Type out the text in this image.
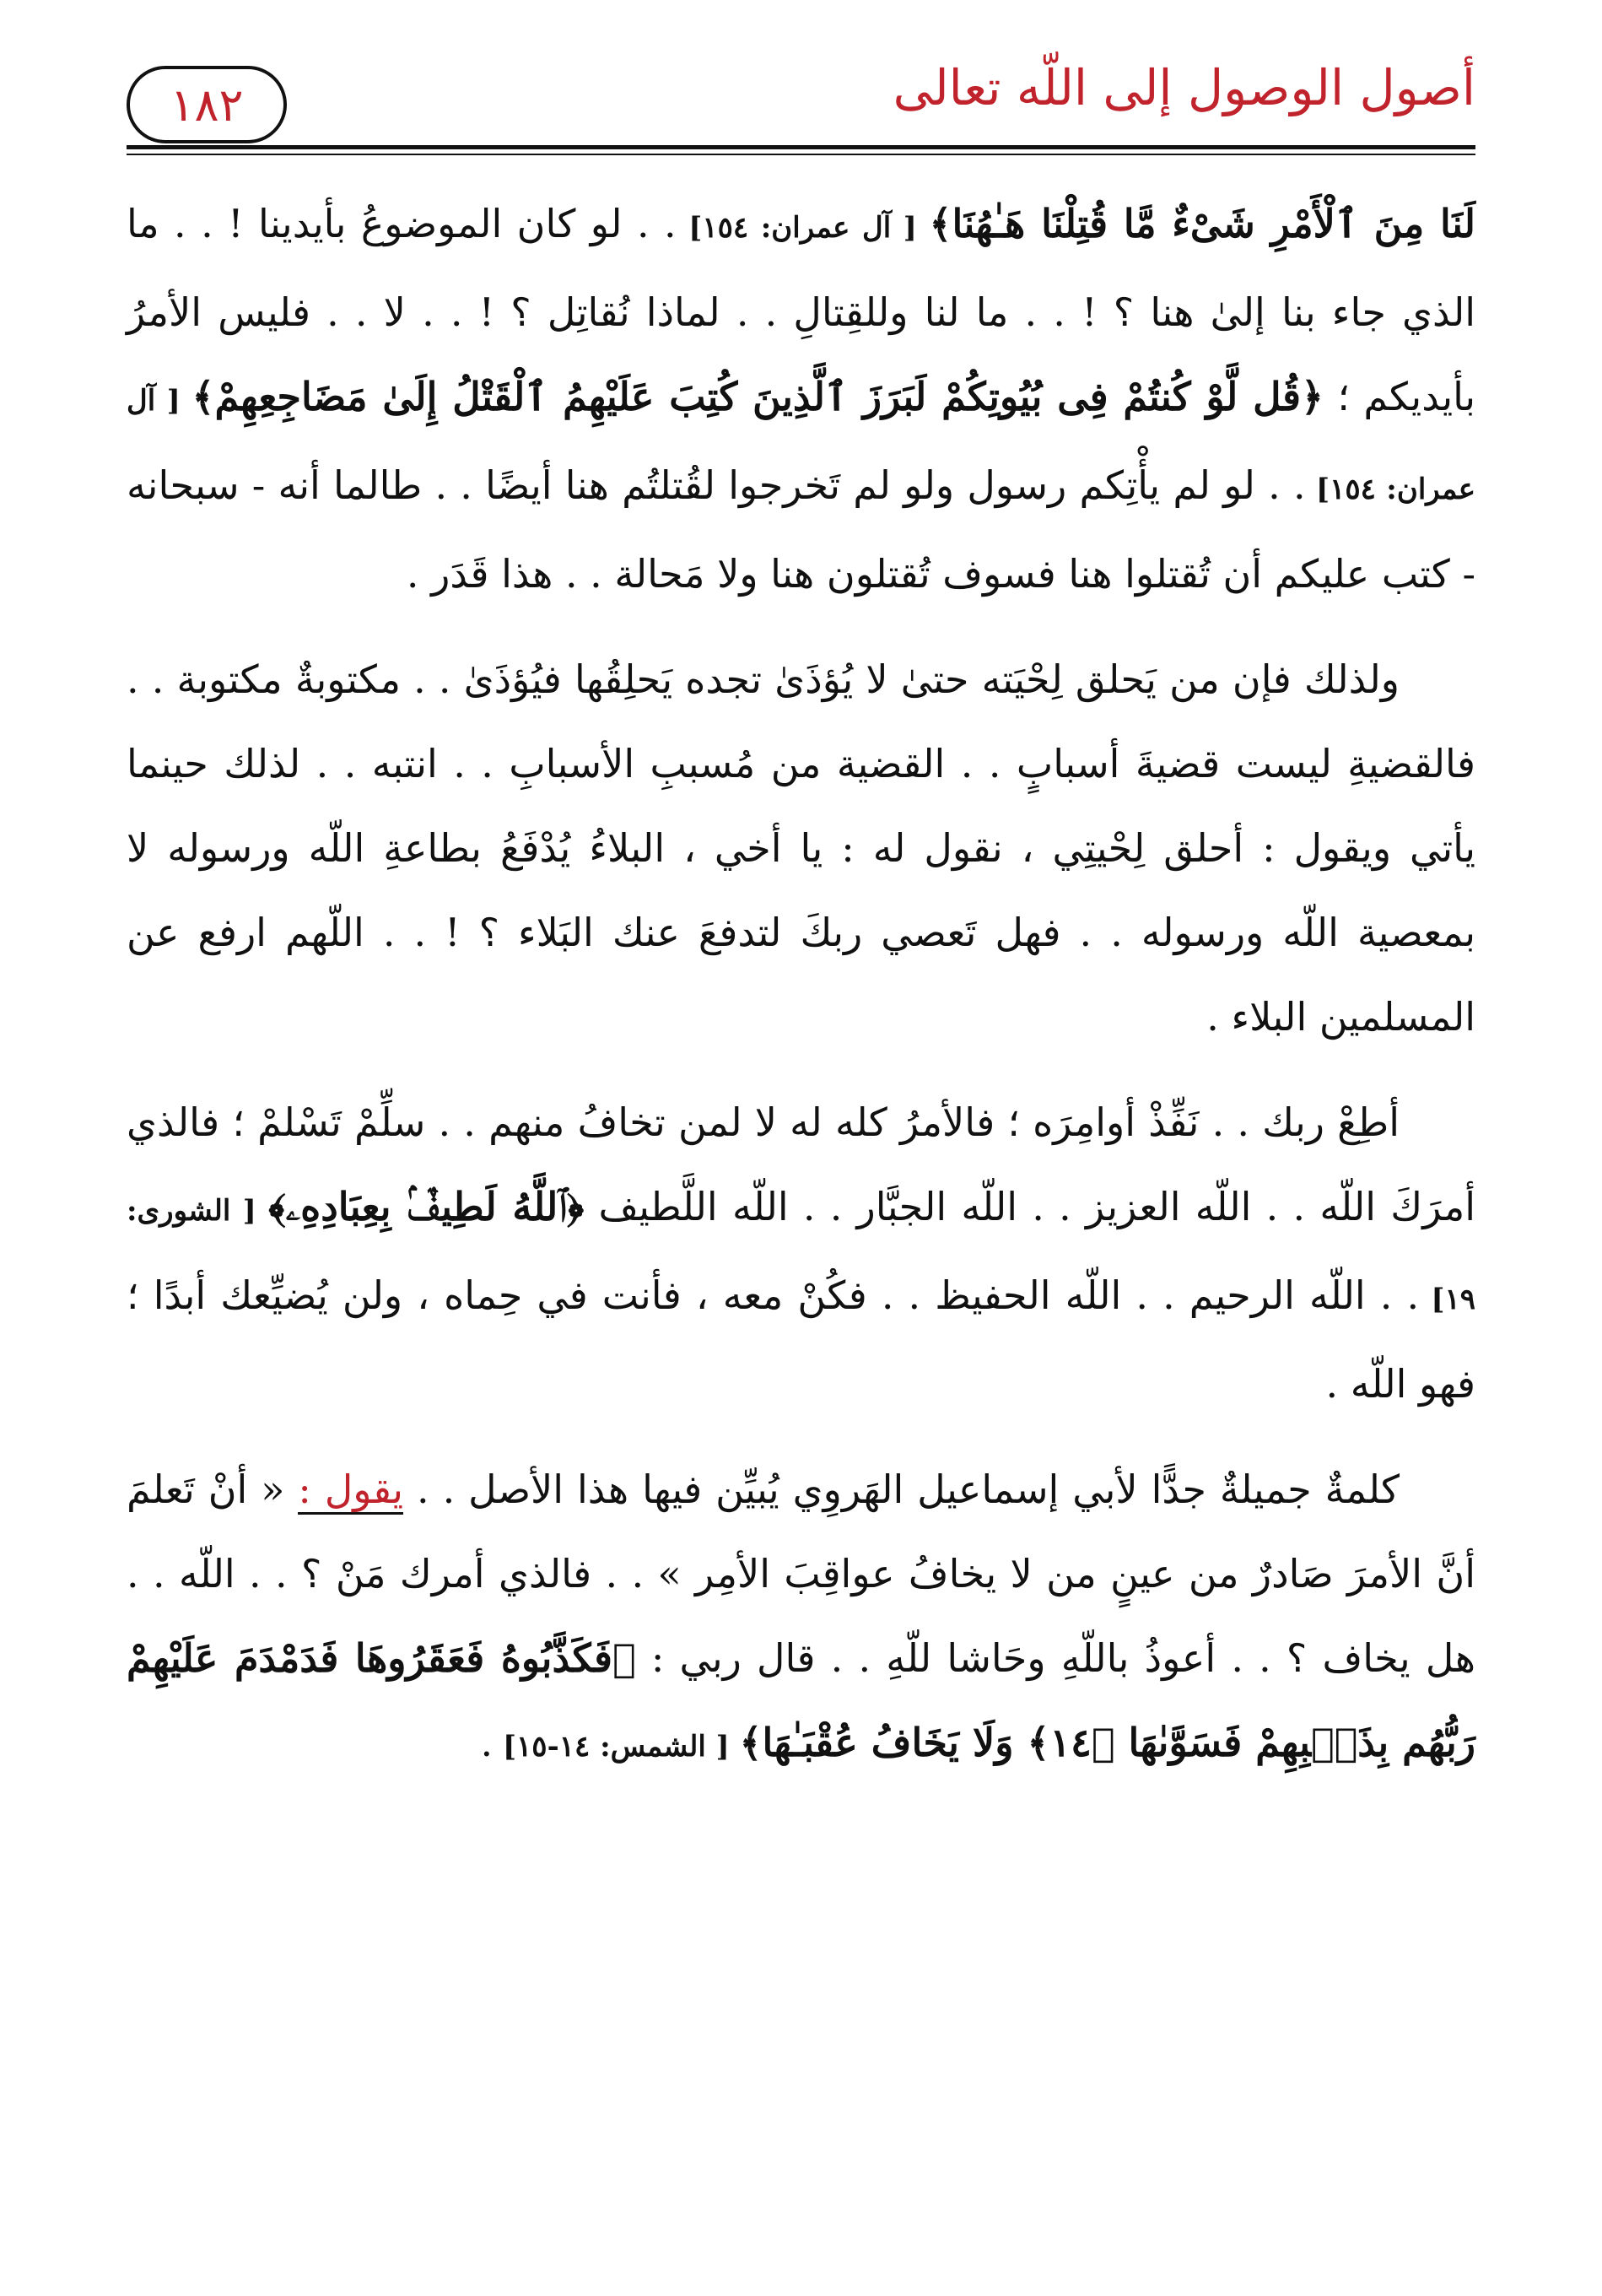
أصول الوصول إلى اللّه تعالى
١٨٢

لَنَا مِنَ ٱلْأَمْرِ شَىْءٌ مَّا قُتِلْنَا هَـٰهُنَا﴾ [ آل عمران: ١٥٤] . . لو كان الموضوعُ بأيدينا ! . . ما الذي جاء بنا إلىٰ هنا ؟ ! . . ما لنا وللقِتالِ . . لماذا نُقاتِل ؟ ! . . لا . . فليس الأمرُ بأيديكم ؛ ﴿قُل لَّوْ كُنتُمْ فِى بُيُوتِكُمْ لَبَرَزَ ٱلَّذِينَ كُتِبَ عَلَيْهِمُ ٱلْقَتْلُ إِلَىٰ مَضَاجِعِهِمْ﴾ [ آل عمران: ١٥٤] . . لو لم يأْتِكم رسول ولو لم تَخرجوا لقُتلتُم هنا أيضًا . . طالما أنه - سبحانه - كتب عليكم أن تُقتلوا هنا فسوف تُقتلون هنا ولا مَحالة . . هذا قَدَر .

ولذلك فإن من يَحلق لِحْيَته حتىٰ لا يُؤذَىٰ تجده يَحلِقُها فيُؤذَىٰ . . مكتوبةٌ مكتوبة . . فالقضيةِ ليست قضيةَ أسبابٍ . . القضية من مُسببِ الأسبابِ . . انتبه . . لذلك حينما يأتي ويقول : أحلق لِحْيتِي ، نقول له : يا أخي ، البلاءُ يُدْفَعُ بطاعةِ اللّه ورسوله لا بمعصية اللّه ورسوله . . فهل تَعصي ربكَ لتدفعَ عنك البَلاء ؟ ! . . اللّهم ارفع عن المسلمين البلاء .

أطِعْ ربك . . نَفِّذْ أوامِرَه ؛ فالأمرُ كله له لا لمن تخافُ منهم . . سلِّمْ تَسْلمْ ؛ فالذي أمرَكَ اللّه . . اللّه العزيز . . اللّه الجبَّار . . اللّه اللَّطيف ﴿ٱللَّهُ لَطِيفٌۢ بِعِبَادِهِۦ﴾ [ الشورى: ١٩] . . اللّه الرحيم . . اللّه الحفيظ . . فكُنْ معه ، فأنت في حِماه ، ولن يُضيِّعك أبدًا ؛ فهو اللّه .

كلمةٌ جميلةٌ جدًّا لأبي إسماعيل الهَروِي يُبيِّن فيها هذا الأصل . . يقول : « أنْ تَعلمَ أنَّ الأمرَ صَادرٌ من عينٍ من لا يخافُ عواقِبَ الأمِر » . . فالذي أمرك مَنْ ؟ . . اللّه . . هل يخاف ؟ . . أعوذُ باللّهِ وحَاشا للّهِ . . قال ربي : ﴿فَكَذَّبُوهُ فَعَقَرُوهَا فَدَمْدَمَ عَلَيْهِمْ رَبُّهُم بِذَنۢبِهِمْ فَسَوَّىٰهَا ﴿١٤﴾ وَلَا يَخَافُ عُقْبَـٰهَا﴾ [ الشمس: ١٤-١٥] .
